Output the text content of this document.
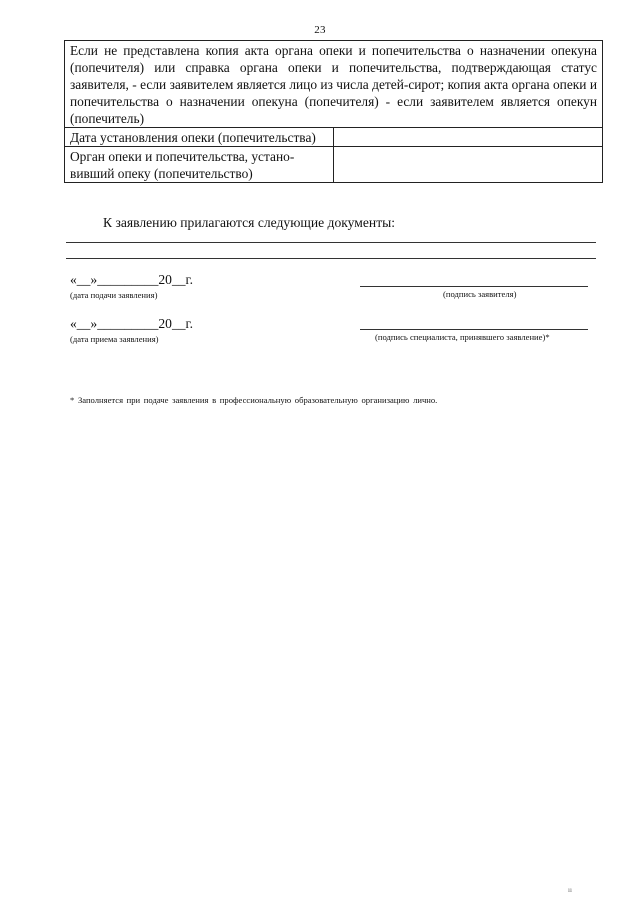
23
Если не представлена копия акта органа опеки и попечительства о назначении опекуна (попечителя) или справка органа опеки и попечительства, подтверждающая статус заявителя, - если заявителем является лицо из числа детей-сирот; копия акта органа опеки и попечительства о назначении опекуна (попечителя) - если заявителем является опекун (попечитель)	
Дата установления опеки (попечительства)	
Орган опеки и попечительства, установивший опеку (попечительство)	
К заявлению прилагаются следующие документы:
«__»_________20__г.
(дата подачи заявления)	(подпись заявителя)
«__»_________20__г.
(дата приема заявления)	(подпись специалиста, принявшего заявление)*
* Заполняется при подаче заявления в профессиональную образовательную организацию лично.
ıı
